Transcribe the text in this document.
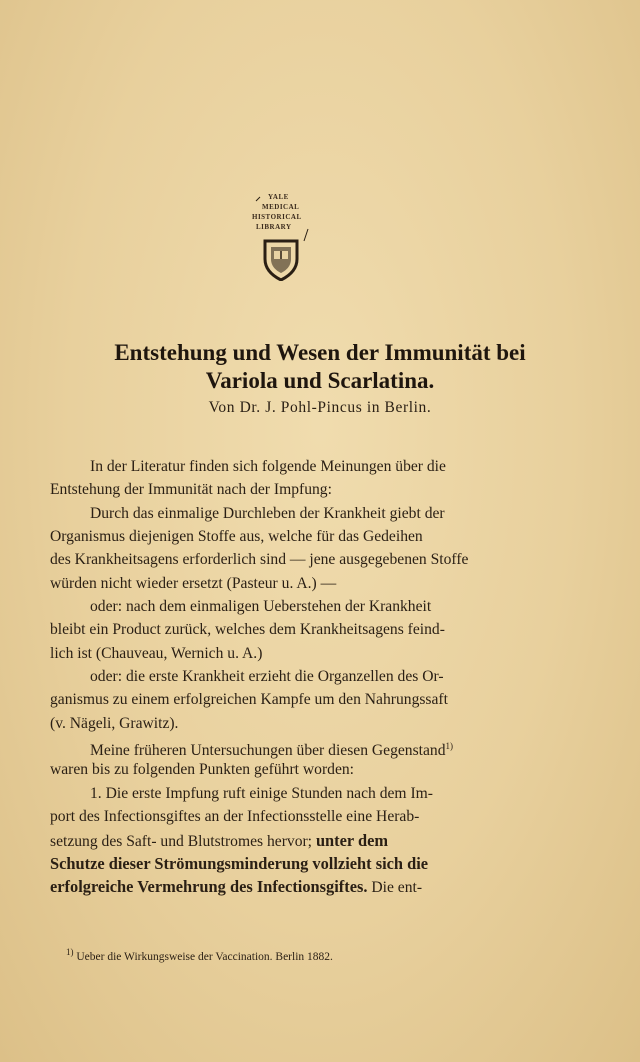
YALE
MEDICAL
HISTORICAL
LIBRARY
Entstehung und Wesen der Immunität bei
Variola und Scarlatina.
Von Dr. J. Pohl-Pincus in Berlin.
In der Literatur finden sich folgende Meinungen über die
Entstehung der Immunität nach der Impfung:
Durch das einmalige Durchleben der Krankheit giebt der
Organismus diejenigen Stoffe aus, welche für das Gedeihen
des Krankheitsagens erforderlich sind — jene ausgegebenen Stoffe
würden nicht wieder ersetzt (Pasteur u. A.) —
oder: nach dem einmaligen Ueberstehen der Krankheit
bleibt ein Product zurück, welches dem Krankheitsagens feind-
lich ist (Chauveau, Wernich u. A.)
oder: die erste Krankheit erzieht die Organzellen des Or-
ganismus zu einem erfolgreichen Kampfe um den Nahrungssaft
(v. Nägeli, Grawitz).
Meine früheren Untersuchungen über diesen Gegenstand$^{1)}$
waren bis zu folgenden Punkten geführt worden:
1. Die erste Impfung ruft einige Stunden nach dem Im-
port des Infectionsgiftes an der Infectionsstelle eine Herab-
setzung des Saft- und Blutstromes hervor; unter dem
Schutze dieser Strömungsminderung vollzieht sich die
erfolgreiche Vermehrung des Infectionsgiftes. Die ent-
$^{1)}$ Ueber die Wirkungsweise der Vaccination. Berlin 1882.
